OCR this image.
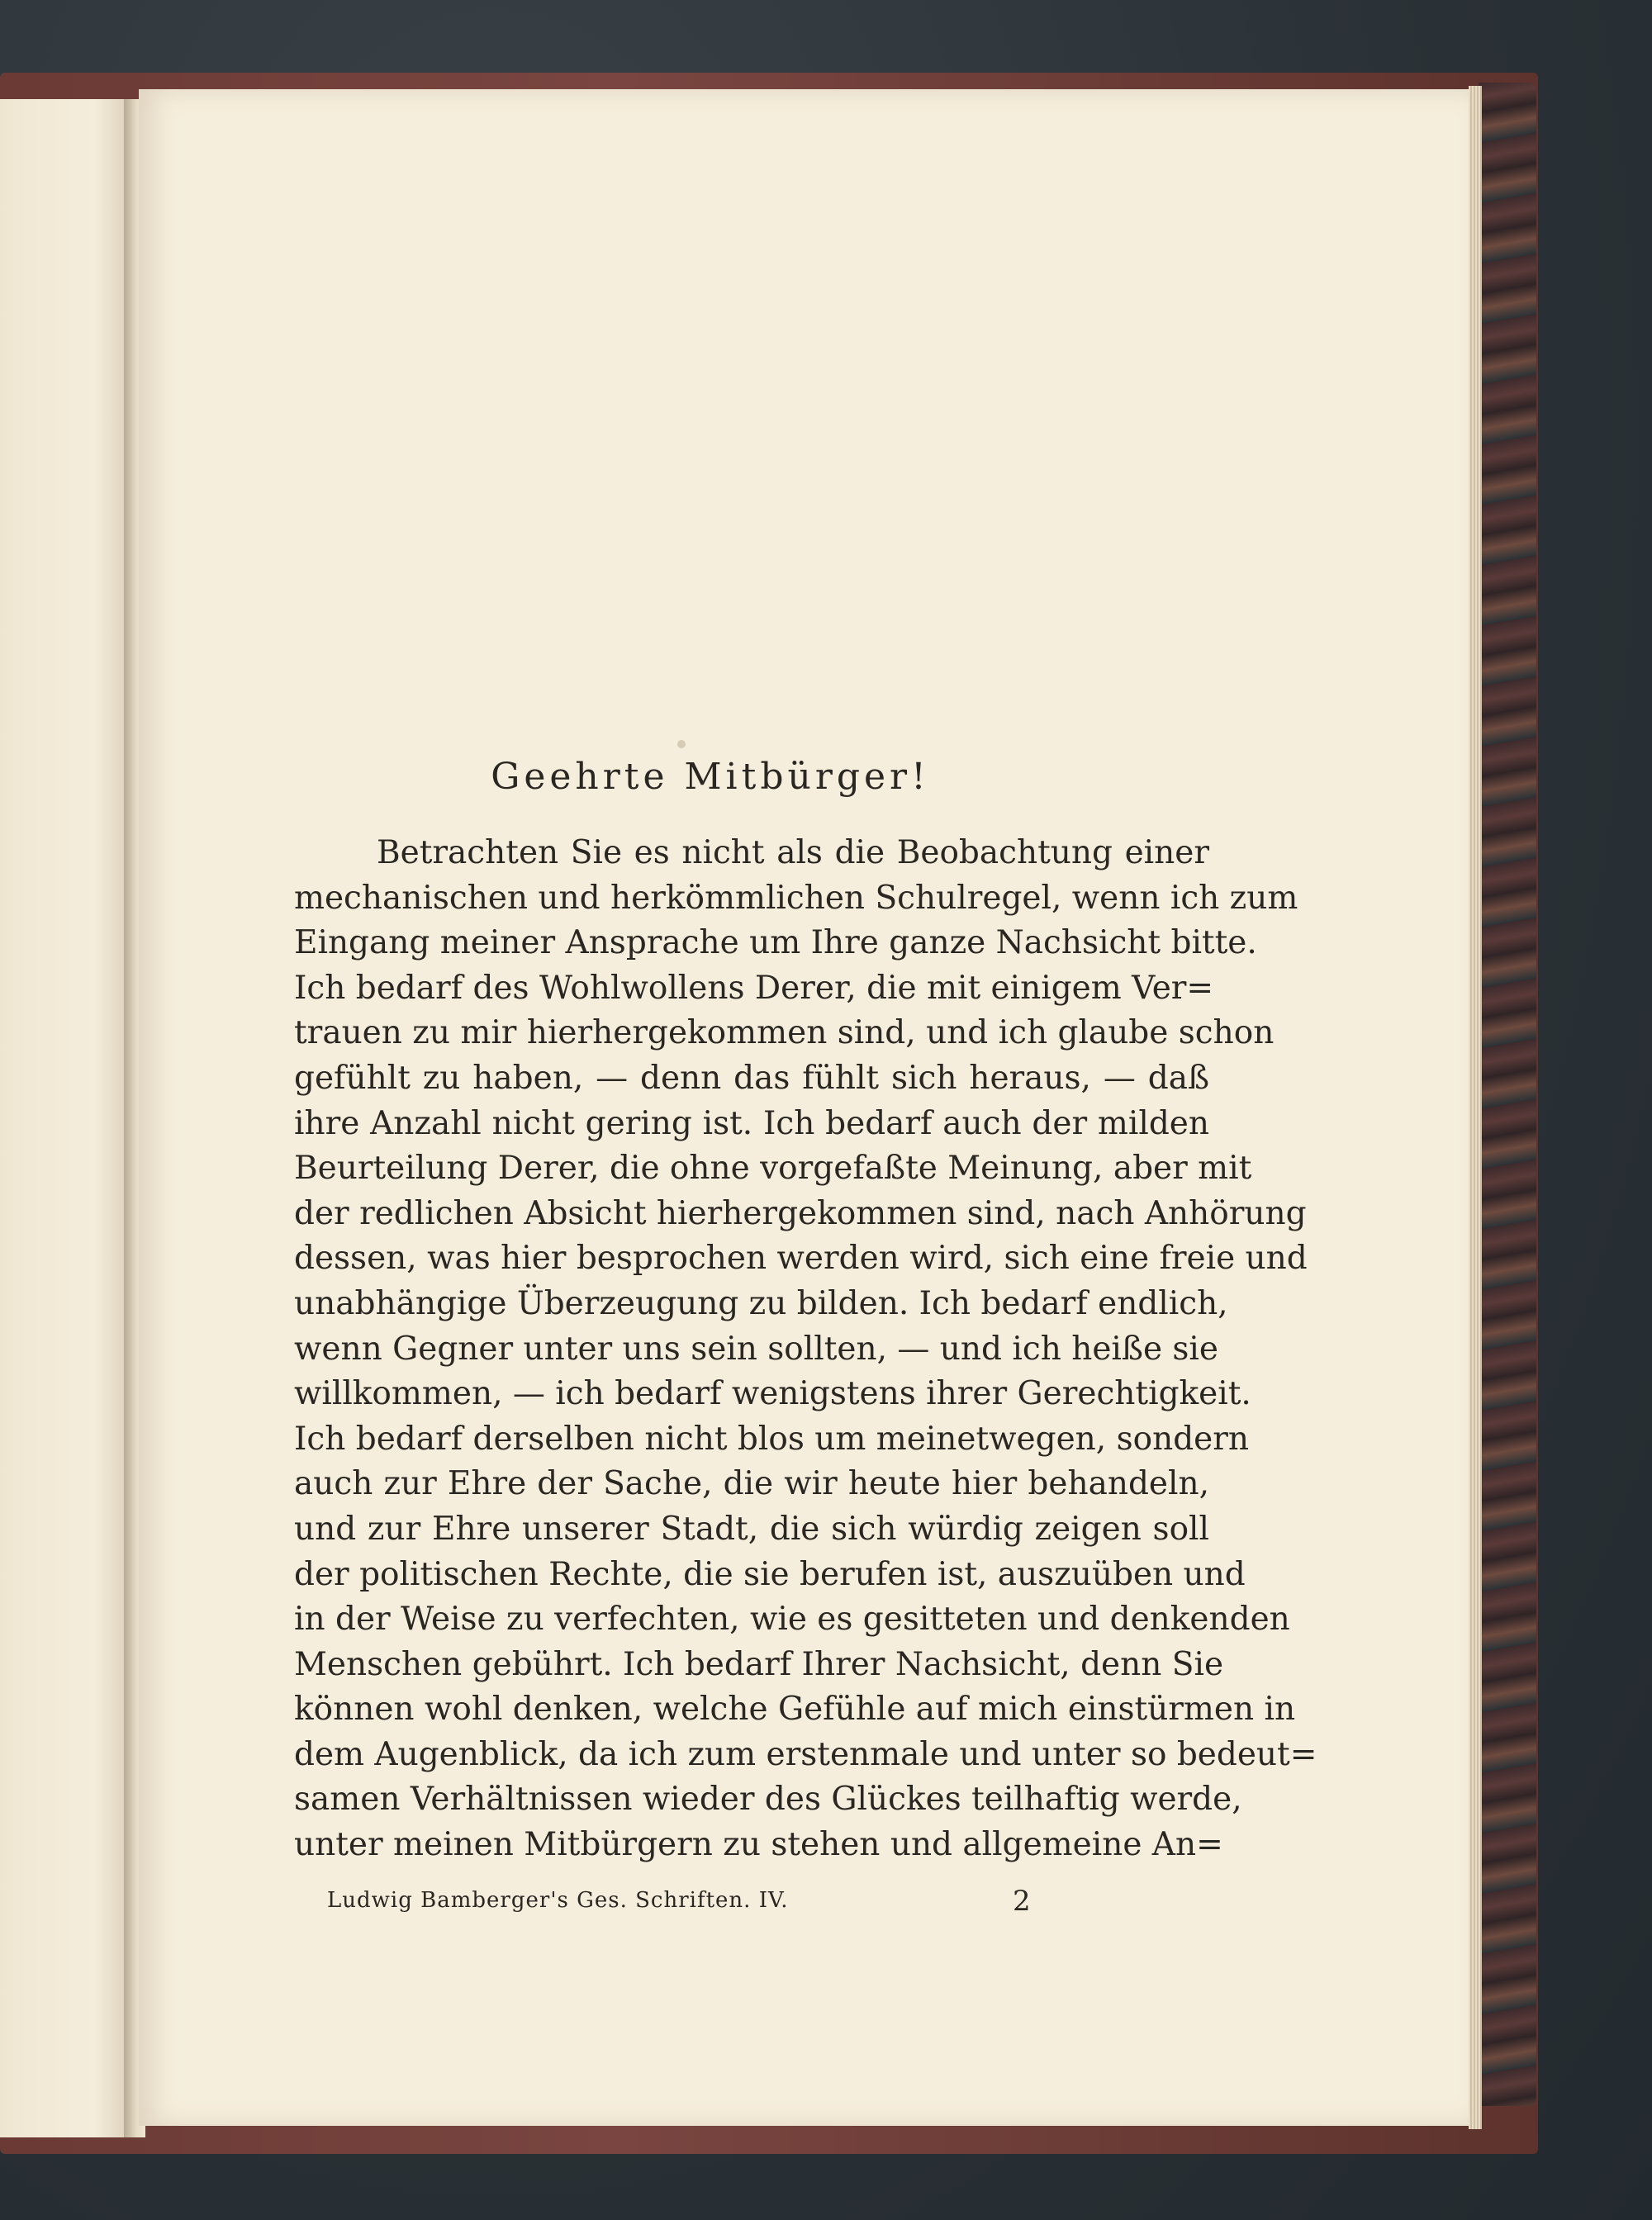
Geehrte Mitbürger!
Betrachten Sie es nicht als die Beobachtung einer
mechanischen und herkömmlichen Schulregel, wenn ich zum
Eingang meiner Ansprache um Ihre ganze Nachsicht bitte.
Ich bedarf des Wohlwollens Derer, die mit einigem Ver=
trauen zu mir hierhergekommen sind, und ich glaube schon
gefühlt zu haben, — denn das fühlt sich heraus, — daß
ihre Anzahl nicht gering ist. Ich bedarf auch der milden
Beurteilung Derer, die ohne vorgefaßte Meinung, aber mit
der redlichen Absicht hierhergekommen sind, nach Anhörung
dessen, was hier besprochen werden wird, sich eine freie und
unabhängige Überzeugung zu bilden. Ich bedarf endlich,
wenn Gegner unter uns sein sollten, — und ich heiße sie
willkommen, — ich bedarf wenigstens ihrer Gerechtigkeit.
Ich bedarf derselben nicht blos um meinetwegen, sondern
auch zur Ehre der Sache, die wir heute hier behandeln,
und zur Ehre unserer Stadt, die sich würdig zeigen soll
der politischen Rechte, die sie berufen ist, auszuüben und
in der Weise zu verfechten, wie es gesitteten und denkenden
Menschen gebührt. Ich bedarf Ihrer Nachsicht, denn Sie
können wohl denken, welche Gefühle auf mich einstürmen in
dem Augenblick, da ich zum erstenmale und unter so bedeut=
samen Verhältnissen wieder des Glückes teilhaftig werde,
unter meinen Mitbürgern zu stehen und allgemeine An=
Ludwig Bamberger's Ges. Schriften. IV.	2
